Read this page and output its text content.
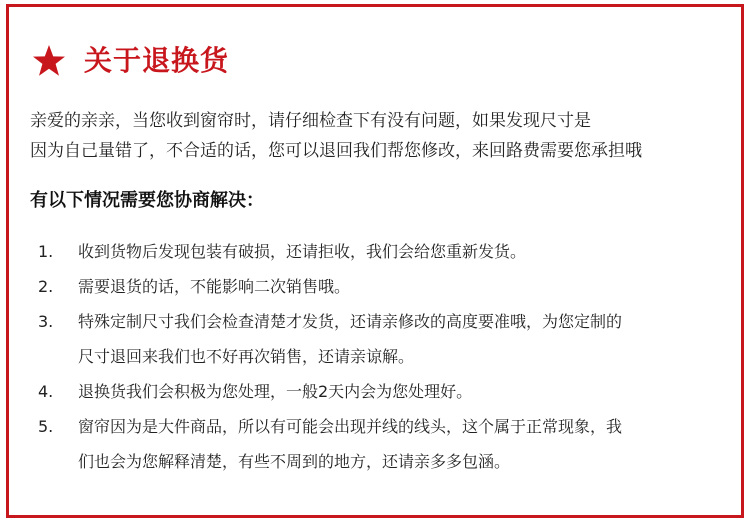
关于退换货
亲爱的亲亲，当您收到窗帘时，请仔细检查下有没有问题，如果发现尺寸是
因为自己量错了，不合适的话，您可以退回我们帮您修改，来回路费需要您承担哦
有以下情况需要您协商解决：
1.	收到货物后发现包装有破损，还请拒收，我们会给您重新发货。
2.	需要退货的话，不能影响二次销售哦。
3.	特殊定制尺寸我们会检查清楚才发货，还请亲修改的高度要准哦，为您定制的
尺寸退回来我们也不好再次销售，还请亲谅解。
4.	退换货我们会积极为您处理，一般2天内会为您处理好。
5.	窗帘因为是大件商品，所以有可能会出现并线的线头，这个属于正常现象，我
们也会为您解释清楚，有些不周到的地方，还请亲多多包涵。
